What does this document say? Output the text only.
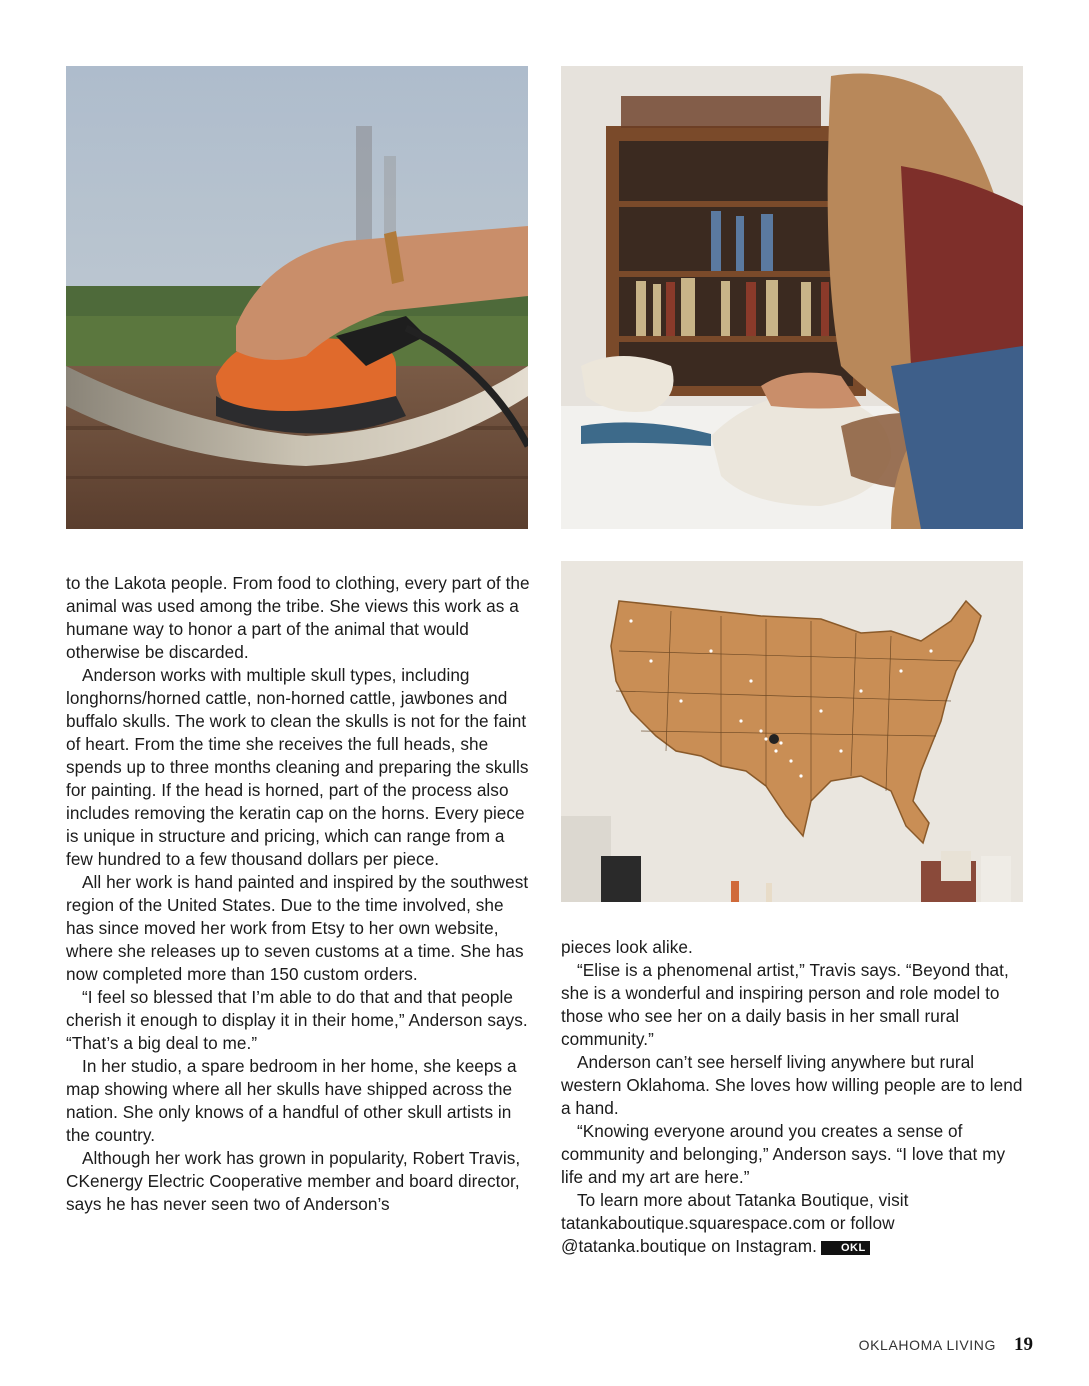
to the Lakota people. From food to clothing, every part of the animal was used among the tribe. She views this work as a humane way to honor a part of the animal that would otherwise be discarded.

Anderson works with multiple skull types, including longhorns/horned cattle, non-horned cattle, jawbones and buffalo skulls. The work to clean the skulls is not for the faint of heart. From the time she receives the full heads, she spends up to three months cleaning and preparing the skulls for painting. If the head is horned, part of the process also includes removing the keratin cap on the horns. Every piece is unique in structure and pricing, which can range from a few hundred to a few thousand dollars per piece.

All her work is hand painted and inspired by the southwest region of the United States. Due to the time involved, she has since moved her work from Etsy to her own website, where she releases up to seven customs at a time. She has now completed more than 150 custom orders.

“I feel so blessed that I’m able to do that and that people cherish it enough to display it in their home,” Anderson says. “That’s a big deal to me.”

In her studio, a spare bedroom in her home, she keeps a map showing where all her skulls have shipped across the nation. She only knows of a handful of other skull artists in the country.

Although her work has grown in popularity, Robert Travis, CKenergy Electric Cooperative member and board director, says he has never seen two of Anderson’s

pieces look alike.

“Elise is a phenomenal artist,” Travis says. “Beyond that, she is a wonderful and inspiring person and role model to those who see her on a daily basis in her small rural community.”

Anderson can’t see herself living anywhere but rural western Oklahoma. She loves how willing people are to lend a hand.

“Knowing everyone around you creates a sense of community and belonging,” Anderson says. “I love that my life and my art are here.”

To learn more about Tatanka Boutique, visit tatankaboutique.squarespace.com or follow @tatanka.boutique on Instagram. OKL

OKLAHOMA LIVING 19
